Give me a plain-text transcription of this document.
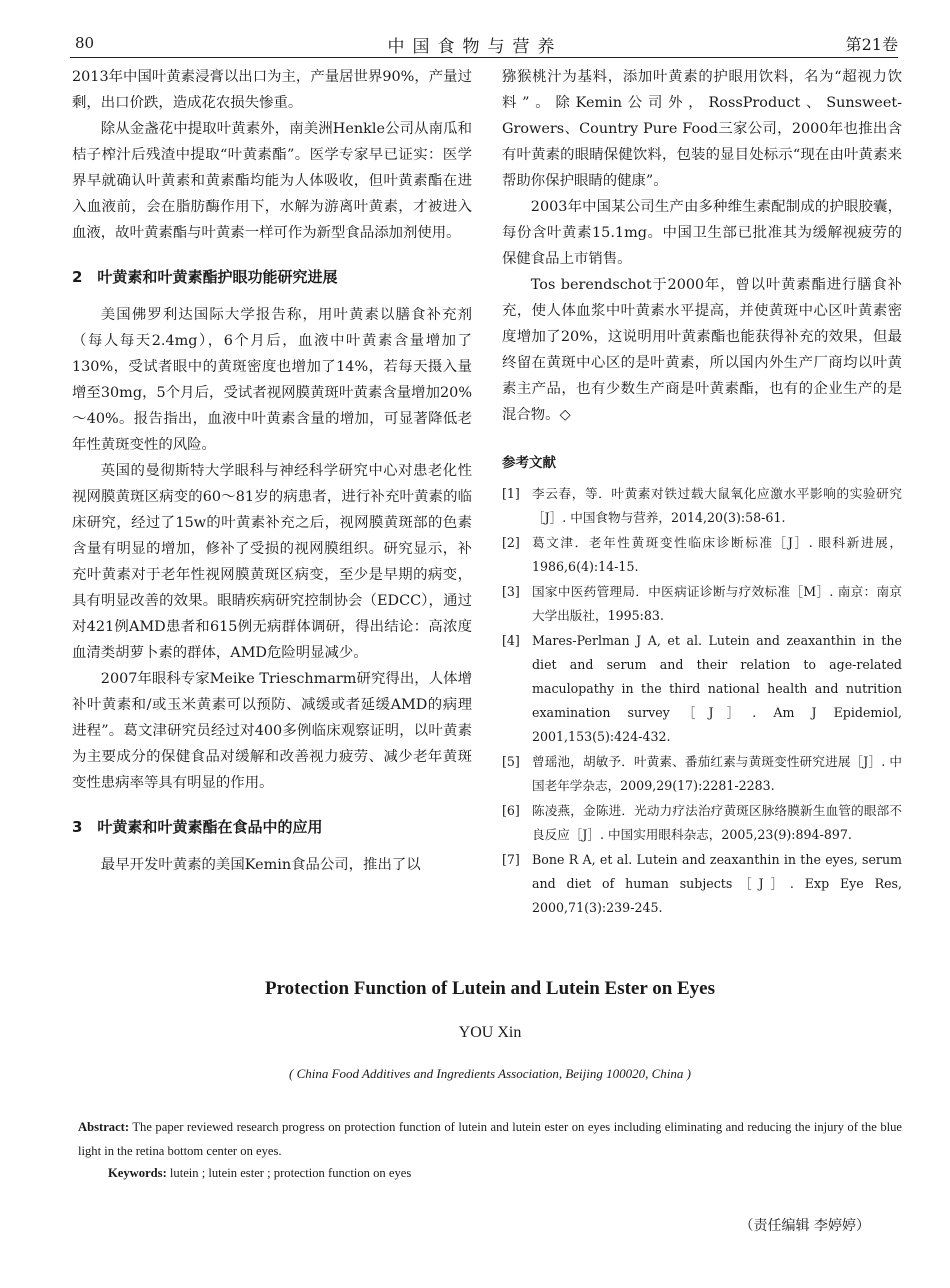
80	中国食物与营养	第21卷

2013年中国叶黄素浸膏以出口为主，产量居世界90%，产量过剩，出口价跌，造成花农损失惨重。

除从金盏花中提取叶黄素外，南美洲Henkle公司从南瓜和桔子榨汁后残渣中提取“叶黄素酯”。医学专家早已证实：医学界早就确认叶黄素和黄素酯均能为人体吸收，但叶黄素酯在进入血液前，会在脂肪酶作用下，水解为游离叶黄素，才被进入血液，故叶黄素酯与叶黄素一样可作为新型食品添加剂使用。

2　叶黄素和叶黄素酯护眼功能研究进展

美国佛罗利达国际大学报告称，用叶黄素以膳食补充剂（每人每天2.4mg），6个月后，血液中叶黄素含量增加了130%，受试者眼中的黄斑密度也增加了14%，若每天摄入量增至30mg，5个月后，受试者视网膜黄斑叶黄素含量增加20%～40%。报告指出，血液中叶黄素含量的增加，可显著降低老年性黄斑变性的风险。

英国的曼彻斯特大学眼科与神经科学研究中心对患老化性视网膜黄斑区病变的60～81岁的病患者，进行补充叶黄素的临床研究，经过了15w的叶黄素补充之后，视网膜黄斑部的色素含量有明显的增加，修补了受损的视网膜组织。研究显示，补充叶黄素对于老年性视网膜黄斑区病变，至少是早期的病变，具有明显改善的效果。眼睛疾病研究控制协会（EDCC），通过对421例AMD患者和615例无病群体调研，得出结论：高浓度血清类胡萝卜素的群体，AMD危险明显减少。

2007年眼科专家Meike Trieschmarm研究得出，人体增补叶黄素和/或玉米黄素可以预防、减缓或者延缓AMD的病理进程”。葛文津研究员经过对400多例临床观察证明，以叶黄素为主要成分的保健食品对缓解和改善视力疲劳、减少老年黄斑变性患病率等具有明显的作用。

3　叶黄素和叶黄素酯在食品中的应用

最早开发叶黄素的美国Kemin食品公司，推出了以

猕猴桃汁为基料，添加叶黄素的护眼用饮料，名为“超视力饮料”。除Kemin公司外，RossProduct、Sunsweet-Growers、Country Pure Food三家公司，2000年也推出含有叶黄素的眼睛保健饮料，包装的显目处标示“现在由叶黄素来帮助你保护眼睛的健康”。

2003年中国某公司生产由多种维生素配制成的护眼胶囊，每份含叶黄素15.1mg。中国卫生部已批准其为缓解视疲劳的保健食品上市销售。

Tos berendschot于2000年，曾以叶黄素酯进行膳食补充，使人体血浆中叶黄素水平提高，并使黄斑中心区叶黄素密度增加了20%，这说明用叶黄素酯也能获得补充的效果，但最终留在黄斑中心区的是叶黄素，所以国内外生产厂商均以叶黄素主产品，也有少数生产商是叶黄素酯，也有的企业生产的是混合物。◇

参考文献
[1] 李云春，等．叶黄素对铁过载大鼠氧化应激水平影响的实验研究［J］. 中国食物与营养，2014,20(3):58-61.
[2] 葛文津．老年性黄斑变性临床诊断标准［J］. 眼科新进展，1986,6(4):14-15.
[3] 国家中医药管理局．中医病证诊断与疗效标准［M］. 南京：南京大学出版社，1995:83.
[4] Mares-Perlman J A, et al. Lutein and zeaxanthin in the diet and serum and their relation to age-related maculopathy in the third national health and nutrition examination survey［J］. Am J Epidemiol, 2001,153(5):424-432.
[5] 曾瑶池，胡敏予．叶黄素、番茄红素与黄斑变性研究进展［J］. 中国老年学杂志，2009,29(17):2281-2283.
[6] 陈凌燕，金陈进．光动力疗法治疗黄斑区脉络膜新生血管的眼部不良反应［J］. 中国实用眼科杂志，2005,23(9):894-897.
[7] Bone R A, et al. Lutein and zeaxanthin in the eyes, serum and diet of human subjects［J］. Exp Eye Res, 2000,71(3):239-245.
Protection Function of Lutein and Lutein Ester on Eyes
YOU Xin
( China Food Additives and Ingredients Association, Beijing 100020, China )
Abstract: The paper reviewed research progress on protection function of lutein and lutein ester on eyes including eliminating and reducing the injury of the blue light in the retina bottom center on eyes.
Keywords: lutein ; lutein ester ; protection function on eyes
（责任编辑 李婷婷）
